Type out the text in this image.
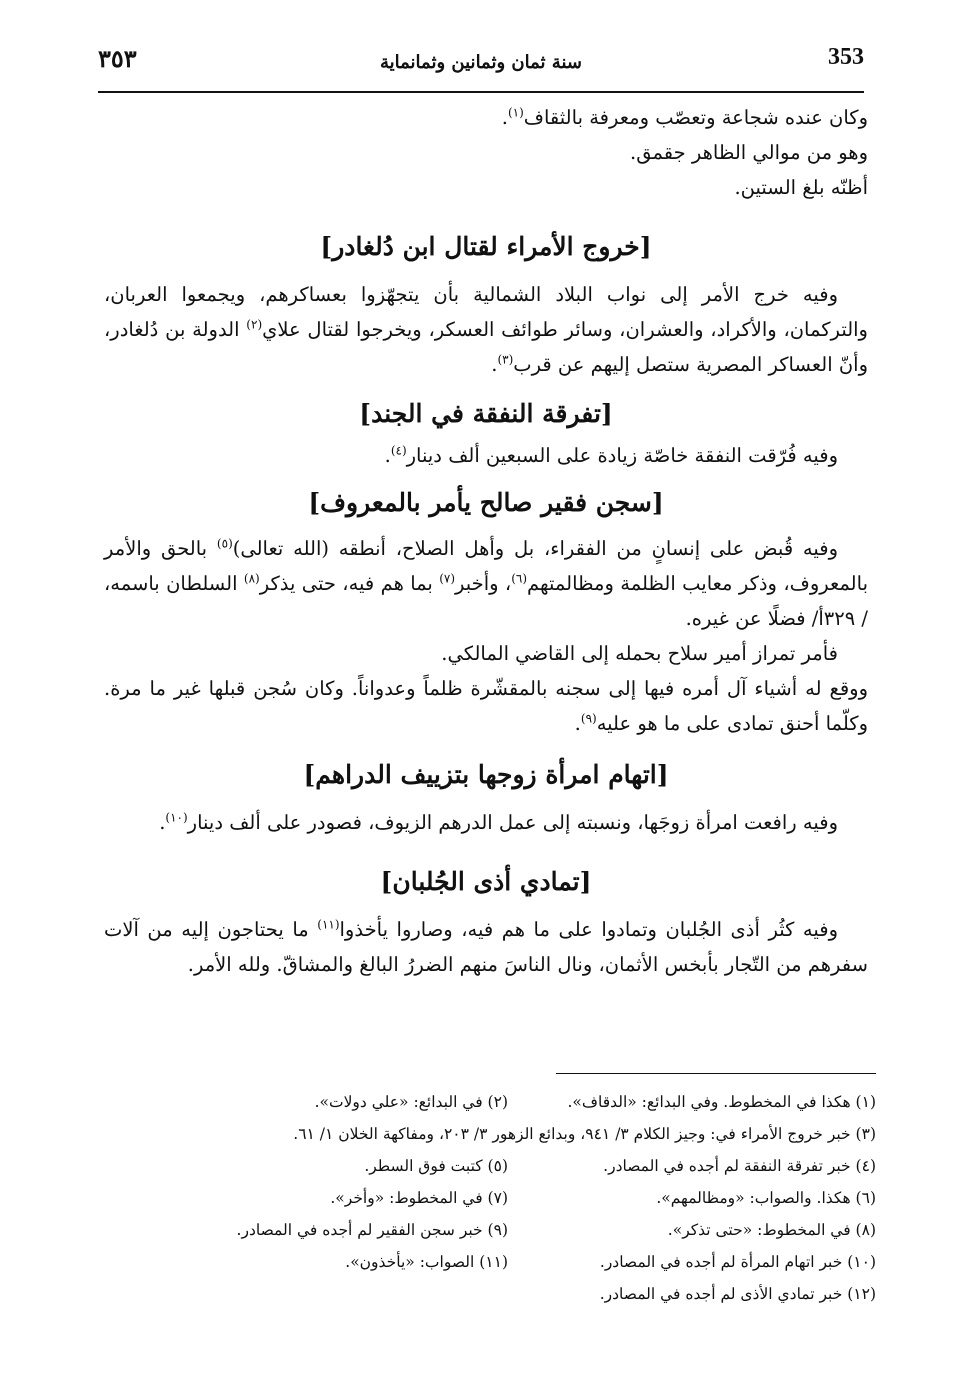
353
سنة ثمان وثمانين وثمانماية
٣٥٣

وكان عنده شجاعة وتعصّب ومعرفة بالثقاف$^{(١)}$.

وهو من موالي الظاهر جقمق.

أظنّه بلغ الستين.

[خروج الأمراء لقتال ابن دُلغادر]

وفيه خرج الأمر إلى نواب البلاد الشمالية بأن يتجهّزوا بعساكرهم، ويجمعوا العربان، والتركمان، والأكراد، والعشران، وسائر طوائف العسكر، ويخرجوا لقتال علاي$^{(٢)}$ الدولة بن دُلغادر، وأنّ العساكر المصرية ستصل إليهم عن قرب$^{(٣)}$.

[تفرقة النفقة في الجند]

وفيه فُرّقت النفقة خاصّة زيادة على السبعين ألف دينار$^{(٤)}$.

[سجن فقير صالح يأمر بالمعروف]

وفيه قُبض على إنسانٍ من الفقراء، بل وأهل الصلاح، أنطقه (الله تعالى)$^{(٥)}$ بالحق والأمر بالمعروف، وذكر معايب الظلمة ومظالمتهم$^{(٦)}$، وأخبر$^{(٧)}$ بما هم فيه، حتى يذكر$^{(٨)}$ السلطان باسمه، / ٣٢٩أ/ فضلًا عن غيره.

فأمر تمراز أمير سلاح بحمله إلى القاضي المالكي.

ووقع له أشياء آل أمره فيها إلى سجنه بالمقشّرة ظلماً وعدواناً. وكان سُجن قبلها غير ما مرة. وكلّما أحنق تمادى على ما هو عليه$^{(٩)}$.

[اتهام امرأة زوجها بتزييف الدراهم]

وفيه رافعت امرأة زوجَها، ونسبته إلى عمل الدرهم الزيوف، فصودر على ألف دينار$^{(١٠)}$.

[تمادي أذى الجُلبان]

وفيه كثُر أذى الجُلبان وتمادوا على ما هم فيه، وصاروا يأخذوا$^{(١١)}$ ما يحتاجون إليه من آلات سفرهم من التّجار بأبخس الأثمان، ونال الناسَ منهم الضررُ البالغ والمشاقّ. ولله الأمر.

(١) هكذا في المخطوط. وفي البدائع: «الدقاف».
(٢) في البدائع: «علي دولات».
(٣) خبر خروج الأمراء في: وجيز الكلام ٣/ ٩٤١، وبدائع الزهور ٣/ ٢٠٣، ومفاكهة الخلان ١/ ٦١.
(٤) خبر تفرقة النفقة لم أجده في المصادر.
(٥) كتبت فوق السطر.
(٦) هكذا. والصواب: «ومظالمهم».
(٧) في المخطوط: «وأخر».
(٨) في المخطوط: «حتى تذكر».
(٩) خبر سجن الفقير لم أجده في المصادر.
(١٠) خبر اتهام المرأة لم أجده في المصادر.
(١١) الصواب: «يأخذون».
(١٢) خبر تمادي الأذى لم أجده في المصادر.
